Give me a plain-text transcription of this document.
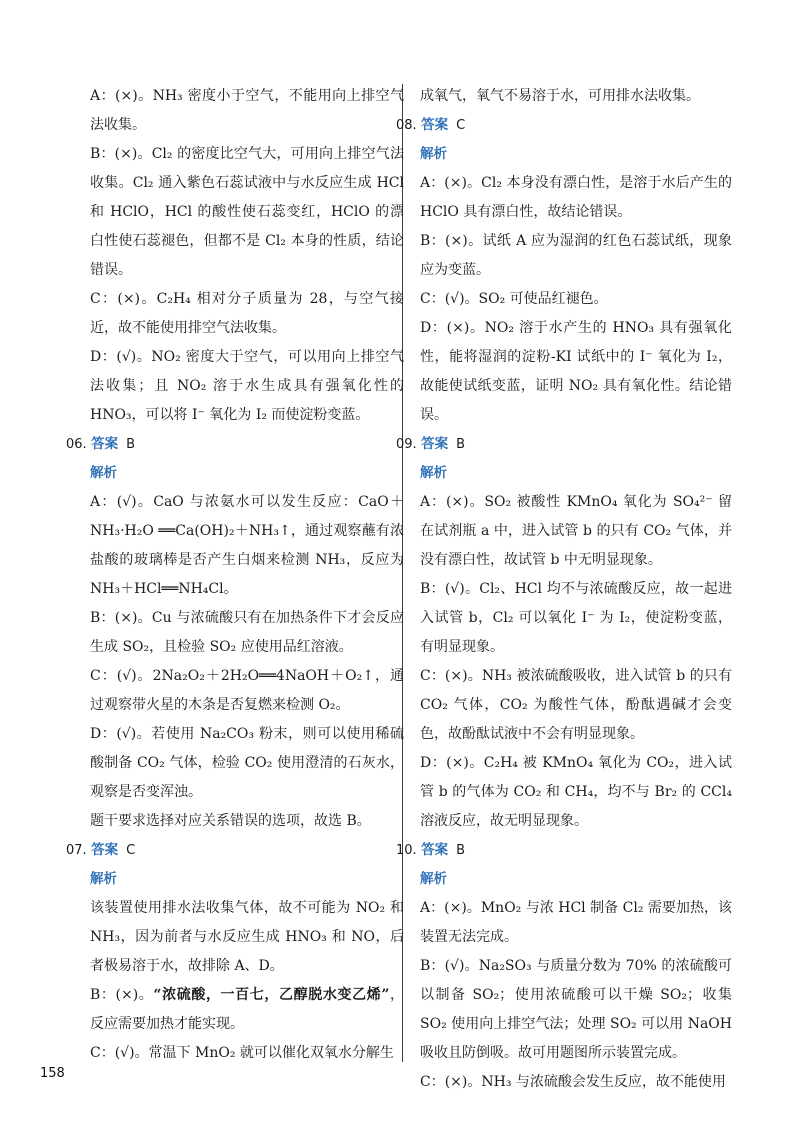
A：(×)。NH₃ 密度小于空气，不能用向上排空气法收集。

B：(×)。Cl₂ 的密度比空气大，可用向上排空气法收集。Cl₂ 通入紫色石蕊试液中与水反应生成 HCl 和 HClO，HCl 的酸性使石蕊变红，HClO 的漂白性使石蕊褪色，但都不是 Cl₂ 本身的性质，结论错误。

C：(×)。C₂H₄ 相对分子质量为 28，与空气接近，故不能使用排空气法收集。

D：(√)。NO₂ 密度大于空气，可以用向上排空气法收集；且 NO₂ 溶于水生成具有强氧化性的 HNO₃，可以将 I⁻ 氧化为 I₂ 而使淀粉变蓝。

06. 答案 B

解析

A：(√)。CaO 与浓氨水可以发生反应：CaO＋NH₃·H₂O ══Ca(OH)₂＋NH₃↑，通过观察蘸有浓盐酸的玻璃棒是否产生白烟来检测 NH₃，反应为 NH₃＋HCl══NH₄Cl。

B：(×)。Cu 与浓硫酸只有在加热条件下才会反应生成 SO₂，且检验 SO₂ 应使用品红溶液。

C：(√)。2Na₂O₂＋2H₂O══4NaOH＋O₂↑，通过观察带火星的木条是否复燃来检测 O₂。

D：(√)。若使用 Na₂CO₃ 粉末，则可以使用稀硫酸制备 CO₂ 气体，检验 CO₂ 使用澄清的石灰水，观察是否变浑浊。

题干要求选择对应关系错误的选项，故选 B。

07. 答案 C

解析

该装置使用排水法收集气体，故不可能为 NO₂ 和 NH₃，因为前者与水反应生成 HNO₃ 和 NO，后者极易溶于水，故排除 A、D。

B：(×)。“浓硫酸，一百七，乙醇脱水变乙烯”，反应需要加热才能实现。

C：(√)。常温下 MnO₂ 就可以催化双氧水分解生

成氧气，氧气不易溶于水，可用排水法收集。

08. 答案 C

解析

A：(×)。Cl₂ 本身没有漂白性，是溶于水后产生的 HClO 具有漂白性，故结论错误。

B：(×)。试纸 A 应为湿润的红色石蕊试纸，现象应为变蓝。

C：(√)。SO₂ 可使品红褪色。

D：(×)。NO₂ 溶于水产生的 HNO₃ 具有强氧化性，能将湿润的淀粉-KI 试纸中的 I⁻ 氧化为 I₂，故能使试纸变蓝，证明 NO₂ 具有氧化性。结论错误。

09. 答案 B

解析

A：(×)。SO₂ 被酸性 KMnO₄ 氧化为 SO₄²⁻ 留在试剂瓶 a 中，进入试管 b 的只有 CO₂ 气体，并没有漂白性，故试管 b 中无明显现象。

B：(√)。Cl₂、HCl 均不与浓硫酸反应，故一起进入试管 b，Cl₂ 可以氧化 I⁻ 为 I₂，使淀粉变蓝，有明显现象。

C：(×)。NH₃ 被浓硫酸吸收，进入试管 b 的只有 CO₂ 气体，CO₂ 为酸性气体，酚酞遇碱才会变色，故酚酞试液中不会有明显现象。

D：(×)。C₂H₄ 被 KMnO₄ 氧化为 CO₂，进入试管 b 的气体为 CO₂ 和 CH₄，均不与 Br₂ 的 CCl₄ 溶液反应，故无明显现象。

10. 答案 B

解析

A：(×)。MnO₂ 与浓 HCl 制备 Cl₂ 需要加热，该装置无法完成。

B：(√)。Na₂SO₃ 与质量分数为 70% 的浓硫酸可以制备 SO₂；使用浓硫酸可以干燥 SO₂；收集 SO₂ 使用向上排空气法；处理 SO₂ 可以用 NaOH 吸收且防倒吸。故可用题图所示装置完成。

C：(×)。NH₃ 与浓硫酸会发生反应，故不能使用

158
